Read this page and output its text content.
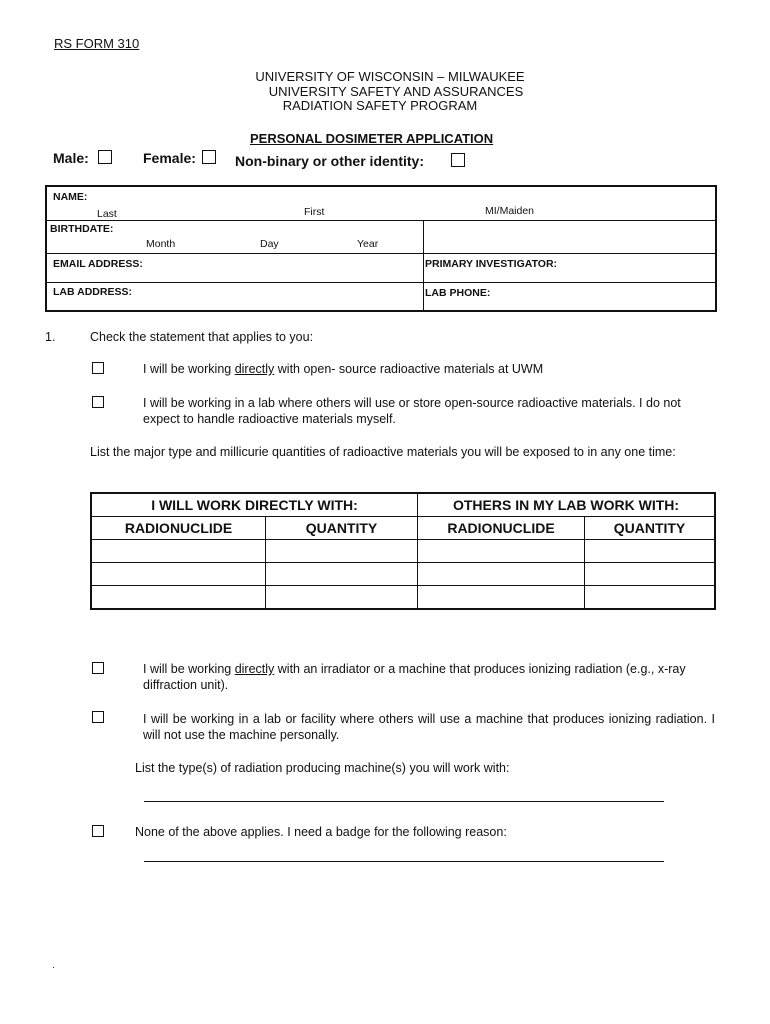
RS FORM 310
UNIVERSITY OF WISCONSIN – MILWAUKEE
UNIVERSITY SAFETY AND ASSURANCES
RADIATION SAFETY PROGRAM
PERSONAL DOSIMETER APPLICATION
Male:	Female:	Non-binary or other identity:
NAME:
Last	First	MI/Maiden
BIRTHDATE:
Month	Day	Year
EMAIL ADDRESS:	PRIMARY INVESTIGATOR:
LAB ADDRESS:	LAB PHONE:
1.	Check the statement that applies to you:
I will be working directly with open- source radioactive materials at UWM
I will be working in a lab where others will use or store open-source radioactive materials. I do not expect to handle radioactive materials myself.
List the major type and millicurie quantities of radioactive materials you will be exposed to in any one time:
I WILL WORK DIRECTLY WITH:		OTHERS IN MY LAB WORK WITH:	
RADIONUCLIDE	QUANTITY	RADIONUCLIDE	QUANTITY

I will be working directly with an irradiator or a machine that produces ionizing radiation (e.g., x-ray diffraction unit).
I will be working in a lab or facility where others will use a machine that produces ionizing radiation. I will not use the machine personally.
List the type(s) of radiation producing machine(s) you will work with:
None of the above applies. I need a badge for the following reason:
.
